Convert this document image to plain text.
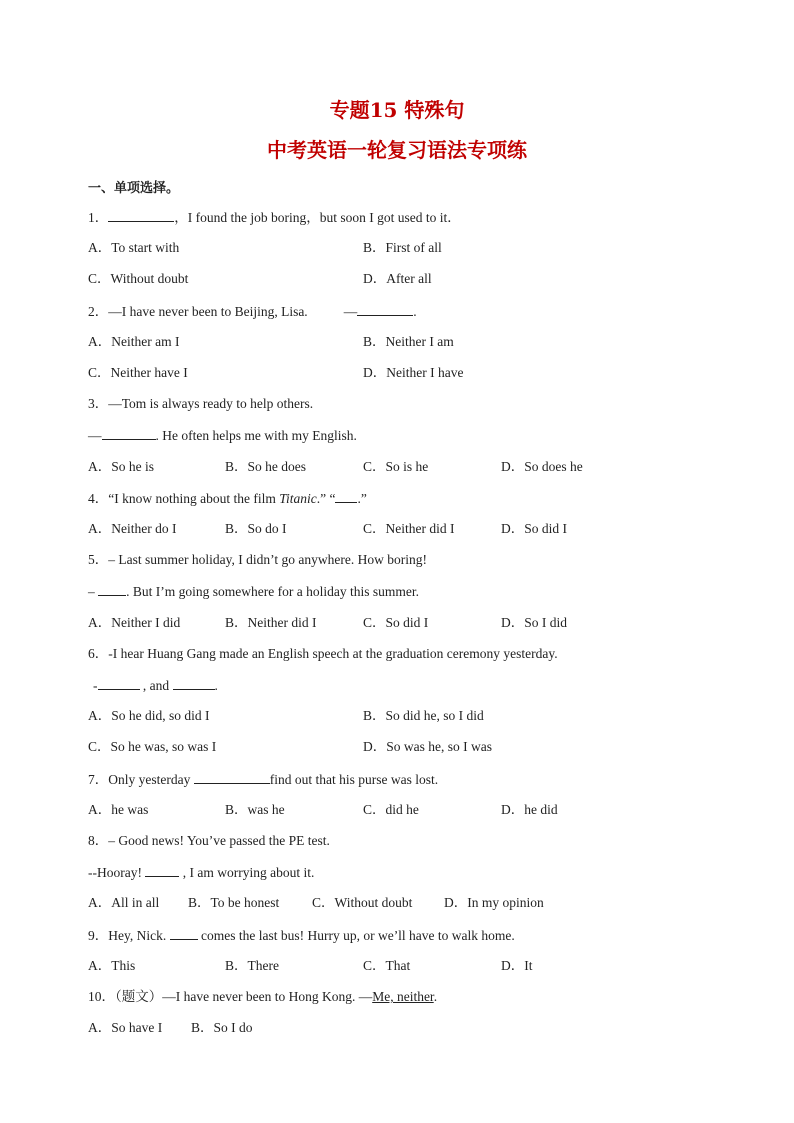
专题15 特殊句
中考英语一轮复习语法专项练
一、单项选择。
1．	，I found the job boring，but soon I got used to it．
A．To start with	B．First of all
C．Without doubt	D．After all
2．—I have never been to Beijing, Lisa.	—	.
A．Neither am I	B．Neither I am
C．Neither have I	D．Neither I have
3．—Tom is always ready to help others.
—	. He often helps me with my English.
A．So he is	B．So he does	C．So is he	D．So does he
4．“I know nothing about the film Titanic.” “ .”
A．Neither do I	B．So do I	C．Neither did I	D．So did I
5．– Last summer holiday, I didn’t go anywhere. How boring!
– . But I’m going somewhere for a holiday this summer.
A．Neither I did	B．Neither did I	C．So did I	D．So I did
6．-I hear Huang Gang made an English speech at the graduation ceremony yesterday.
-	, and	.
A．So he did, so did I	B．So did he, so I did
C．So he was, so was I	D．So was he, so I was
7．Only yesterday	find out that his purse was lost.
A．he was	B．was he	C．did he	D．he did
8．– Good news! You’ve passed the PE test.
--Hooray!	, I am worrying about it.
A．All in all B．To be honest C．Without doubt D．In my opinion
9．Hey, Nick.  comes the last bus! Hurry up, or we’ll have to walk home.
A．This	B．There	C．That	D．It
10．（题文）—I have never been to Hong Kong. —Me, neither.
A．So have I B．So I do
